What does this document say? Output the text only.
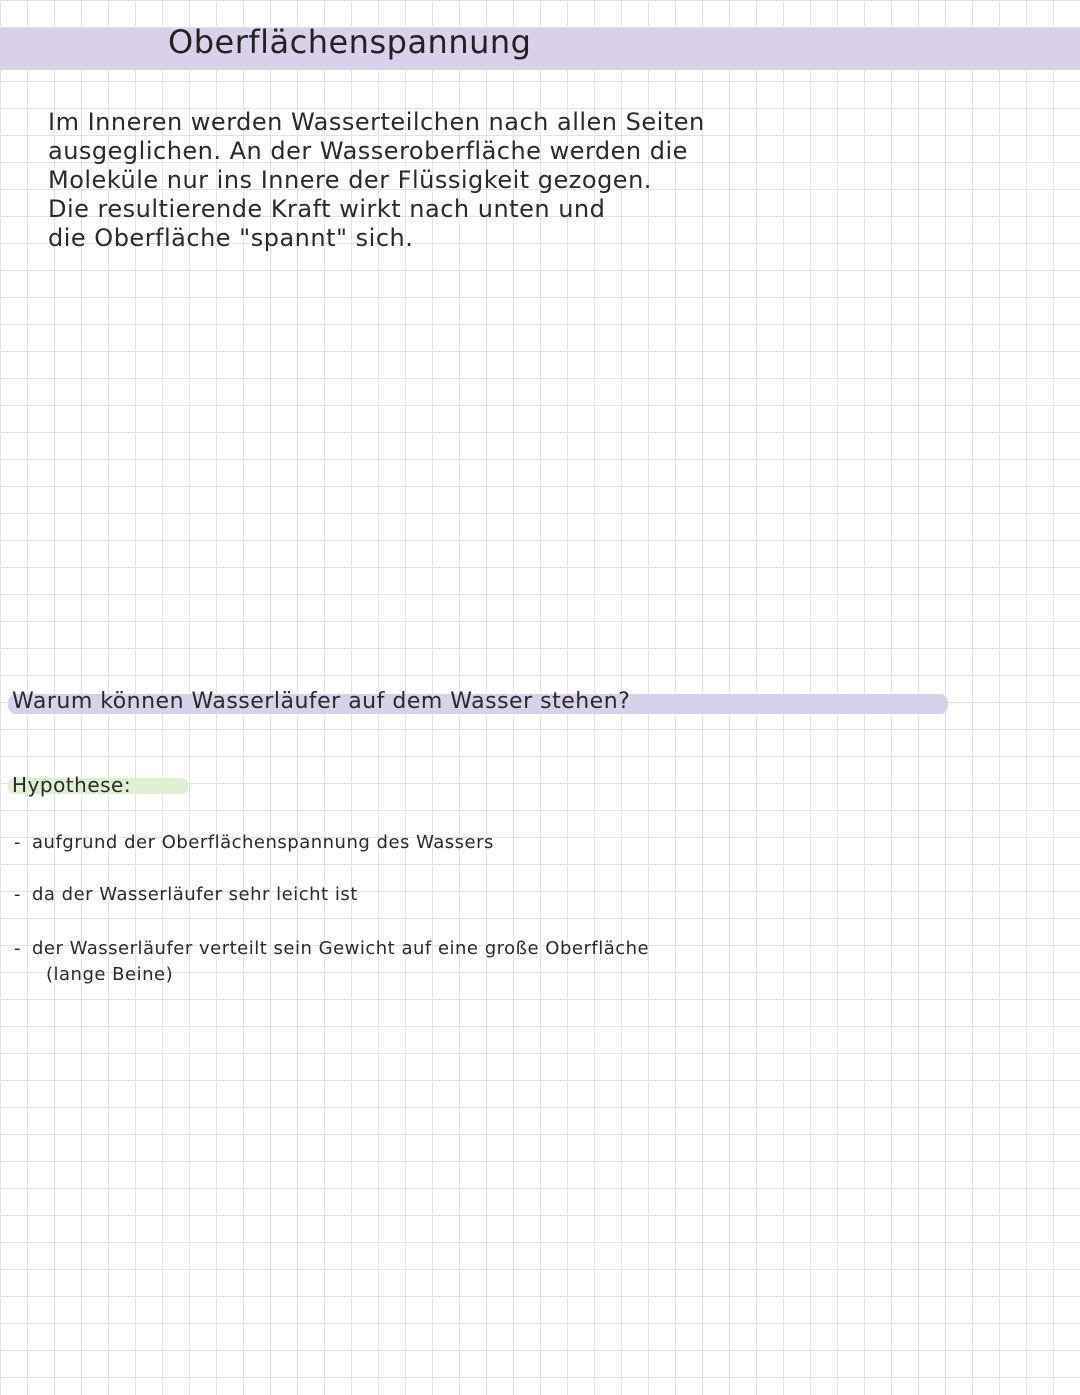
Oberflächenspannung
Im Inneren werden Wasserteilchen nach allen Seiten
ausgeglichen. An der Wasseroberfläche werden die
Moleküle nur ins Innere der Flüssigkeit gezogen.
Die resultierende Kraft wirkt nach unten und
die Oberfläche "spannt" sich.
Warum können Wasserläufer auf dem Wasser stehen?
Hypothese:
- aufgrund der Oberflächenspannung des Wassers
- da der Wasserläufer sehr leicht ist
- der Wasserläufer verteilt sein Gewicht auf eine große Oberfläche
(lange Beine)
